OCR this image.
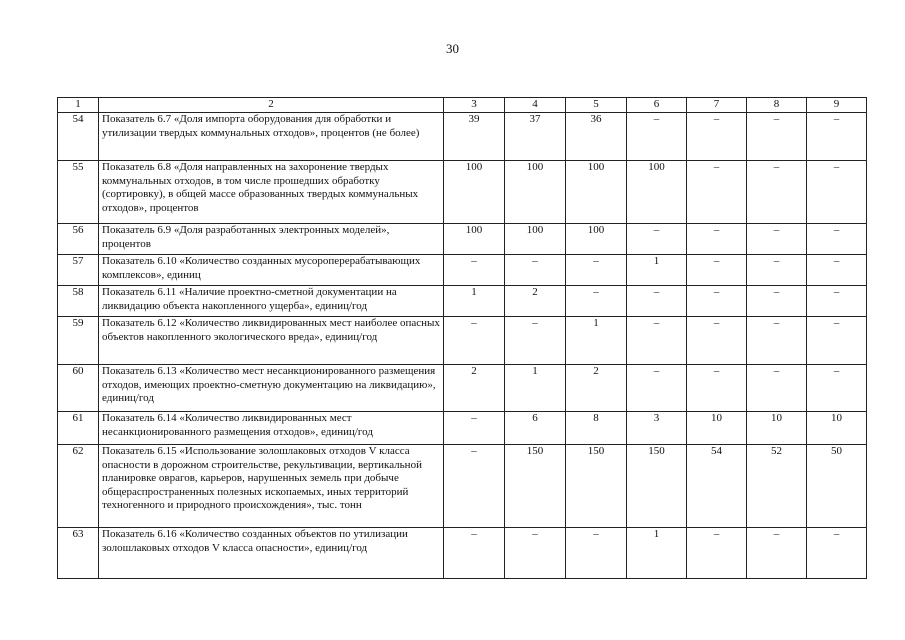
30
1	2	3	4	5	6	7	8	9
54	Показатель 6.7 «Доля импорта оборудования для обработки и утилизации твердых коммунальных отходов», процентов (не более)	39	37	36	–	–	–	–
55	Показатель 6.8 «Доля направленных на захоронение твердых коммунальных отходов, в том числе прошедших обработку (сортировку), в общей массе образованных твердых коммунальных отходов», процентов	100	100	100	100	–	–	–
56	Показатель 6.9 «Доля разработанных электронных моделей», процентов	100	100	100	–	–	–	–
57	Показатель 6.10 «Количество созданных мусороперерабатывающих комплексов», единиц	–	–	–	1	–	–	–
58	Показатель 6.11 «Наличие проектно-сметной документации на ликвидацию объекта накопленного ущерба», единиц/год	1	2	–	–	–	–	–
59	Показатель 6.12 «Количество ликвидированных мест наиболее опасных объектов накопленного экологического вреда», единиц/год	–	–	1	–	–	–	–
60	Показатель 6.13 «Количество мест несанкционированного размещения отходов, имеющих проектно-сметную документацию на ликвидацию», единиц/год	2	1	2	–	–	–	–
61	Показатель 6.14 «Количество ликвидированных мест несанкционированного размещения отходов», единиц/год	–	6	8	3	10	10	10
62	Показатель 6.15 «Использование золошлаковых отходов V класса опасности в дорожном строительстве, рекультивации, вертикальной планировке оврагов, карьеров, нарушенных земель при добыче общераспространенных полезных ископаемых, иных территорий техногенного и природного происхождения», тыс. тонн	–	150	150	150	54	52	50
63	Показатель 6.16 «Количество созданных объектов по утилизации золошлаковых отходов V класса опасности», единиц/год	–	–	–	1	–	–	–
